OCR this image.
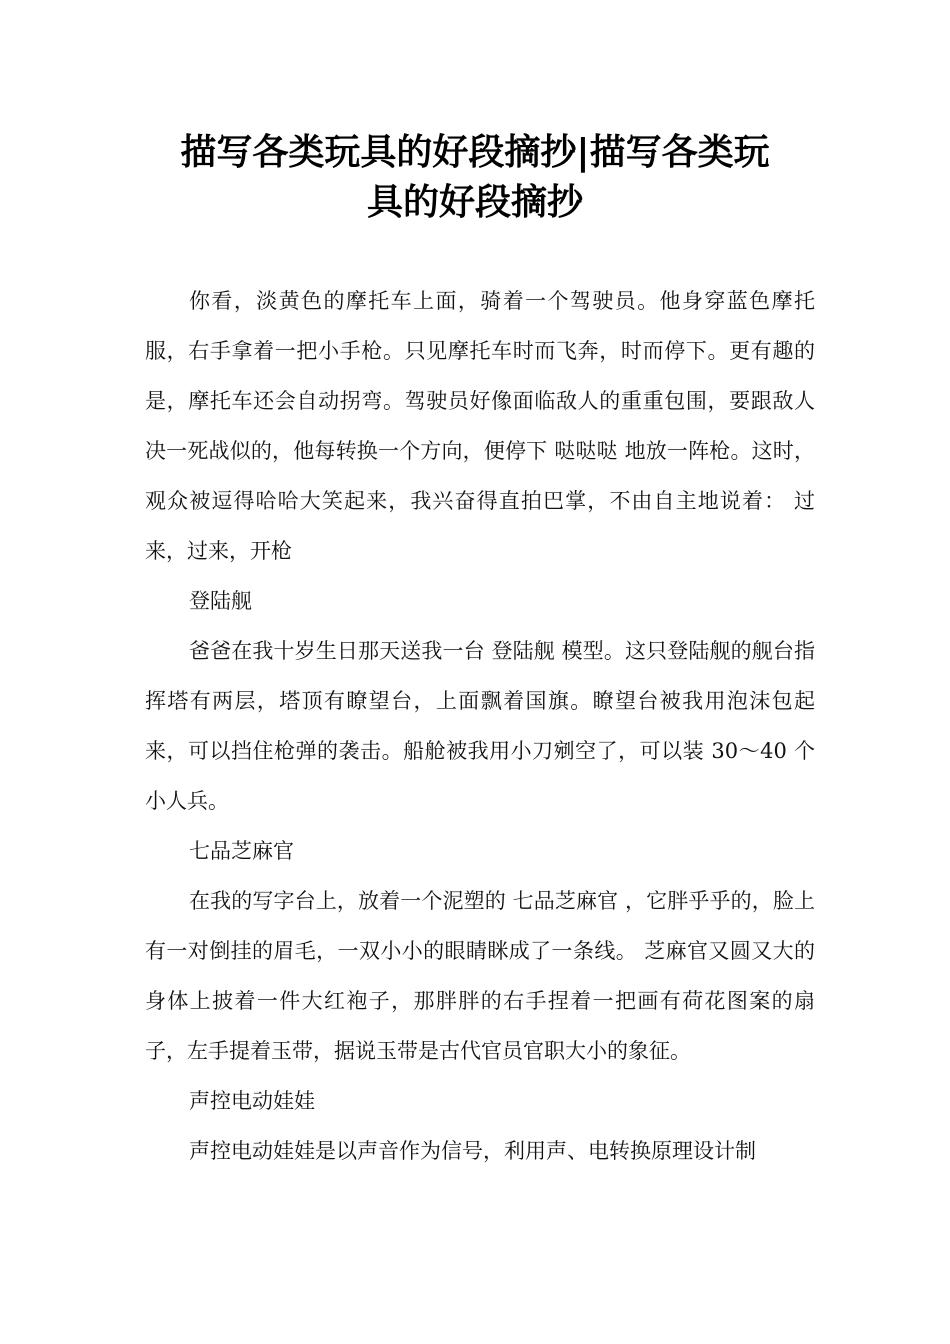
描写各类玩具的好段摘抄|描写各类玩
具的好段摘抄

你看，淡黄色的摩托车上面，骑着一个驾驶员。他身穿蓝色摩托服，右手拿着一把小手枪。只见摩托车时而飞奔，时而停下。更有趣的是，摩托车还会自动拐弯。驾驶员好像面临敌人的重重包围，要跟敌人决一死战似的，他每转换一个方向，便停下 哒哒哒 地放一阵枪。这时，观众被逗得哈哈大笑起来，我兴奋得直拍巴掌，不由自主地说着： 过来，过来，开枪

登陆舰

爸爸在我十岁生日那天送我一台 登陆舰 模型。这只登陆舰的舰台指挥塔有两层，塔顶有瞭望台，上面飘着国旗。瞭望台被我用泡沫包起来，可以挡住枪弹的袭击。船舱被我用小刀剜空了，可以装 30～40 个小人兵。

七品芝麻官

在我的写字台上，放着一个泥塑的 七品芝麻官 ，它胖乎乎的，脸上有一对倒挂的眉毛，一双小小的眼睛眯成了一条线。 芝麻官又圆又大的身体上披着一件大红袍子，那胖胖的右手捏着一把画有荷花图案的扇子，左手提着玉带，据说玉带是古代官员官职大小的象征。

声控电动娃娃

声控电动娃娃是以声音作为信号，利用声、电转换原理设计制
